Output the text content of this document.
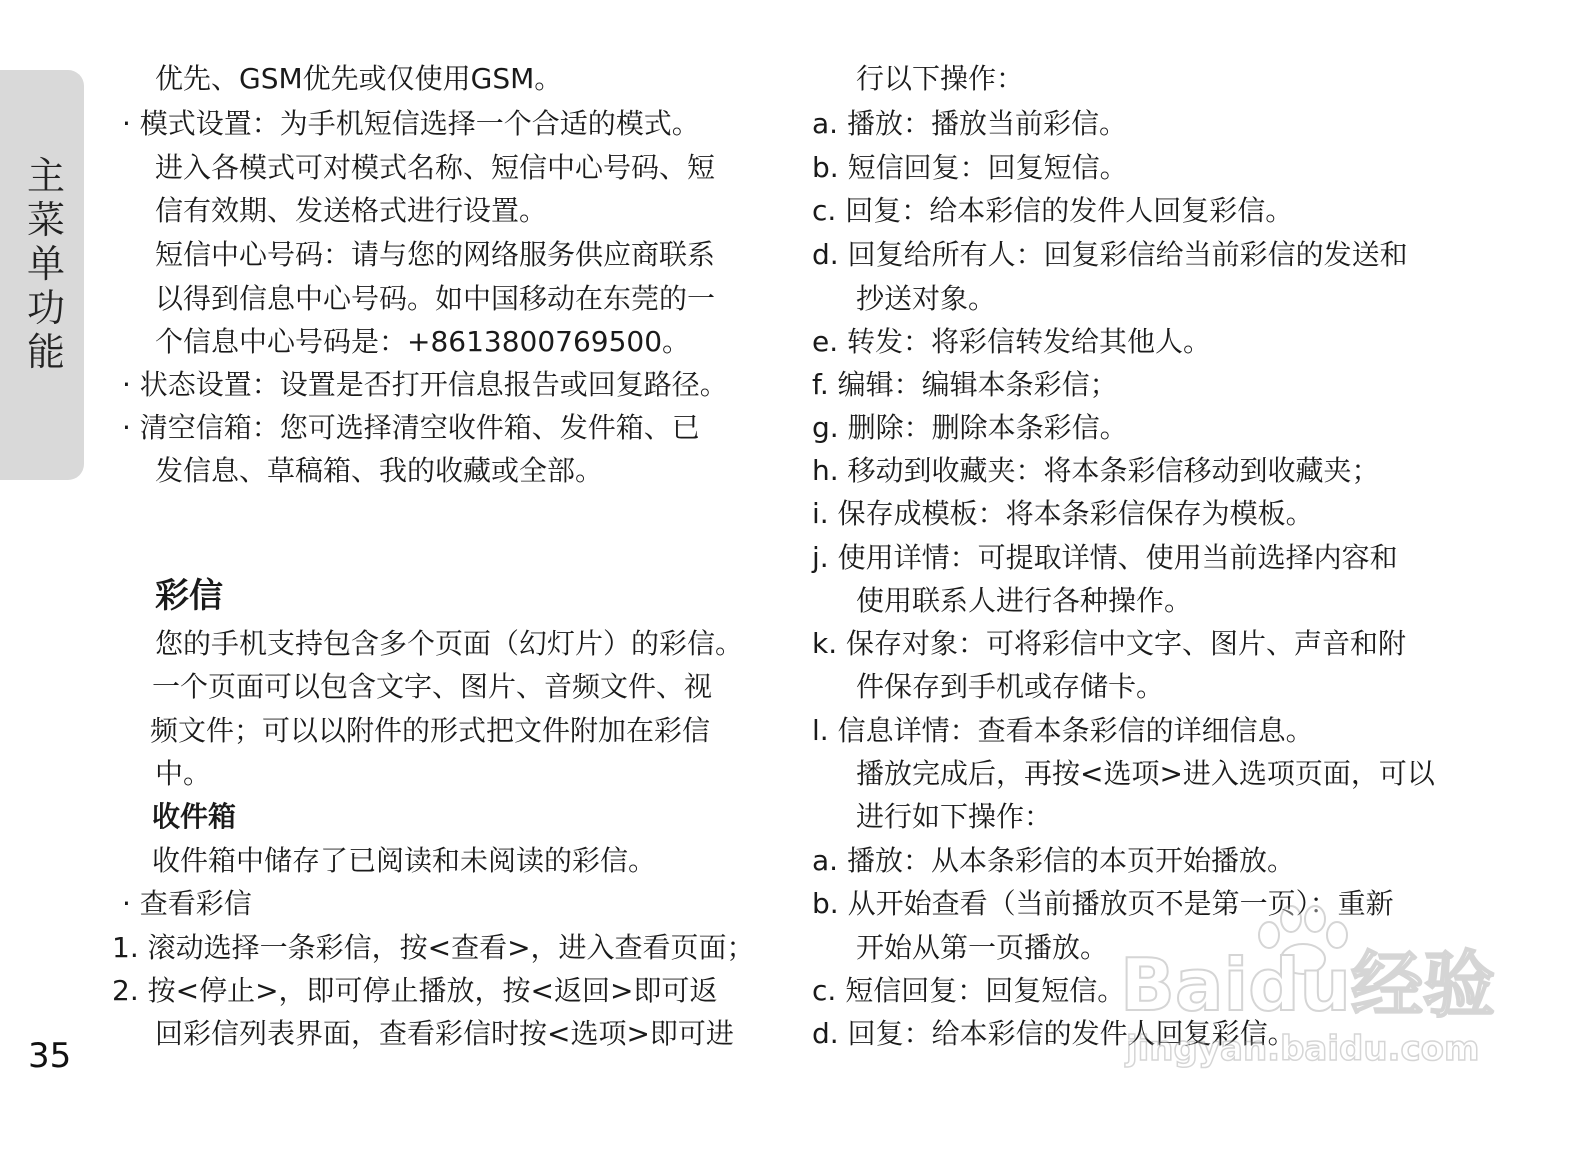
主菜单功能
35
优先、GSM优先或仅使用GSM。
· 模式设置：为手机短信选择一个合适的模式。
进入各模式可对模式名称、短信中心号码、短
信有效期、发送格式进行设置。
短信中心号码：请与您的网络服务供应商联系
以得到信息中心号码。如中国移动在东莞的一
个信息中心号码是：+8613800769500。
· 状态设置：设置是否打开信息报告或回复路径。
· 清空信箱：您可选择清空收件箱、发件箱、已
发信息、草稿箱、我的收藏或全部。
彩信
您的手机支持包含多个页面（幻灯片）的彩信。
一个页面可以包含文字、图片、音频文件、视
频文件；可以以附件的形式把文件附加在彩信
中。
收件箱
收件箱中储存了已阅读和未阅读的彩信。
· 查看彩信
1. 滚动选择一条彩信，按<查看>，进入查看页面；
2. 按<停止>，即可停止播放，按<返回>即可返
回彩信列表界面，查看彩信时按<选项>即可进
行以下操作：
a. 播放：播放当前彩信。
b. 短信回复：回复短信。
c. 回复：给本彩信的发件人回复彩信。
d. 回复给所有人：回复彩信给当前彩信的发送和
抄送对象。
e. 转发：将彩信转发给其他人。
f. 编辑：编辑本条彩信；
g. 删除：删除本条彩信。
h. 移动到收藏夹：将本条彩信移动到收藏夹；
i. 保存成模板：将本条彩信保存为模板。
j. 使用详情：可提取详情、使用当前选择内容和
使用联系人进行各种操作。
k. 保存对象：可将彩信中文字、图片、声音和附
件保存到手机或存储卡。
l. 信息详情：查看本条彩信的详细信息。
播放完成后，再按<选项>进入选项页面，可以
进行如下操作：
a. 播放：从本条彩信的本页开始播放。
b. 从开始查看（当前播放页不是第一页）：重新
开始从第一页播放。
c. 短信回复：回复短信。
d. 回复：给本彩信的发件人回复彩信。
Baidu经验
jingyan.baidu.com
